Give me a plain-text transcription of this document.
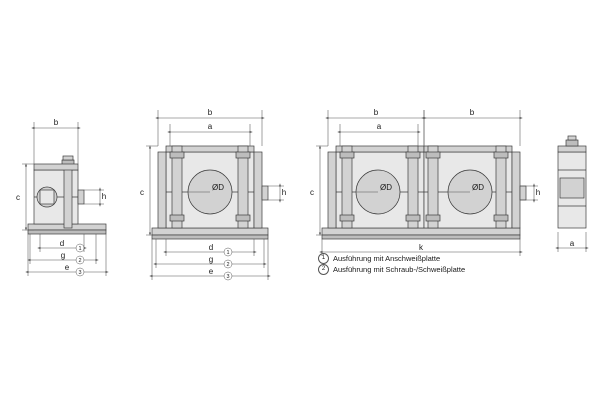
b
c	h
d
g
e
b
a
c	h
ØD
d
g
e
b	b
a
c	h
ØD	ØD
k	a
1
2
3
1
2
3
1	Ausführung mit Anschweißplatte
2	Ausführung mit Schraub-/Schweißplatte
